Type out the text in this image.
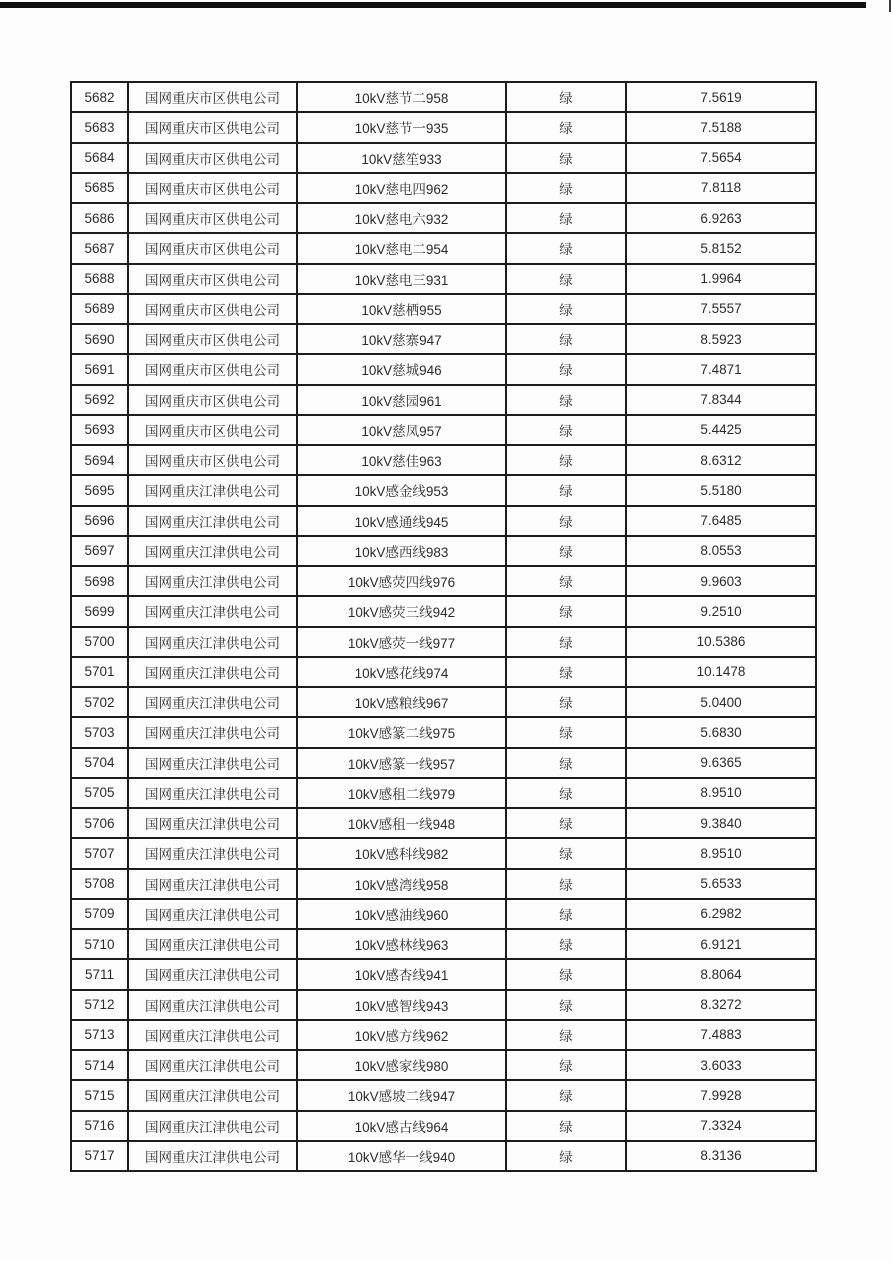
5682	国网重庆市区供电公司	10kV慈节二958	绿	7.5619
5683	国网重庆市区供电公司	10kV慈节一935	绿	7.5188
5684	国网重庆市区供电公司	10kV慈笙933	绿	7.5654
5685	国网重庆市区供电公司	10kV慈电四962	绿	7.8118
5686	国网重庆市区供电公司	10kV慈电六932	绿	6.9263
5687	国网重庆市区供电公司	10kV慈电二954	绿	5.8152
5688	国网重庆市区供电公司	10kV慈电三931	绿	1.9964
5689	国网重庆市区供电公司	10kV慈栖955	绿	7.5557
5690	国网重庆市区供电公司	10kV慈寨947	绿	8.5923
5691	国网重庆市区供电公司	10kV慈城946	绿	7.4871
5692	国网重庆市区供电公司	10kV慈园961	绿	7.8344
5693	国网重庆市区供电公司	10kV慈凤957	绿	5.4425
5694	国网重庆市区供电公司	10kV慈佳963	绿	8.6312
5695	国网重庆江津供电公司	10kV感金线953	绿	5.5180
5696	国网重庆江津供电公司	10kV感通线945	绿	7.6485
5697	国网重庆江津供电公司	10kV感西线983	绿	8.0553
5698	国网重庆江津供电公司	10kV感荧四线976	绿	9.9603
5699	国网重庆江津供电公司	10kV感荧三线942	绿	9.2510
5700	国网重庆江津供电公司	10kV感荧一线977	绿	10.5386
5701	国网重庆江津供电公司	10kV感花线974	绿	10.1478
5702	国网重庆江津供电公司	10kV感粮线967	绿	5.0400
5703	国网重庆江津供电公司	10kV感篆二线975	绿	5.6830
5704	国网重庆江津供电公司	10kV感篆一线957	绿	9.6365
5705	国网重庆江津供电公司	10kV感租二线979	绿	8.9510
5706	国网重庆江津供电公司	10kV感租一线948	绿	9.3840
5707	国网重庆江津供电公司	10kV感科线982	绿	8.9510
5708	国网重庆江津供电公司	10kV感湾线958	绿	5.6533
5709	国网重庆江津供电公司	10kV感油线960	绿	6.2982
5710	国网重庆江津供电公司	10kV感林线963	绿	6.9121
5711	国网重庆江津供电公司	10kV感杏线941	绿	8.8064
5712	国网重庆江津供电公司	10kV感智线943	绿	8.3272
5713	国网重庆江津供电公司	10kV感方线962	绿	7.4883
5714	国网重庆江津供电公司	10kV感家线980	绿	3.6033
5715	国网重庆江津供电公司	10kV感坡二线947	绿	7.9928
5716	国网重庆江津供电公司	10kV感古线964	绿	7.3324
5717	国网重庆江津供电公司	10kV感华一线940	绿	8.3136
